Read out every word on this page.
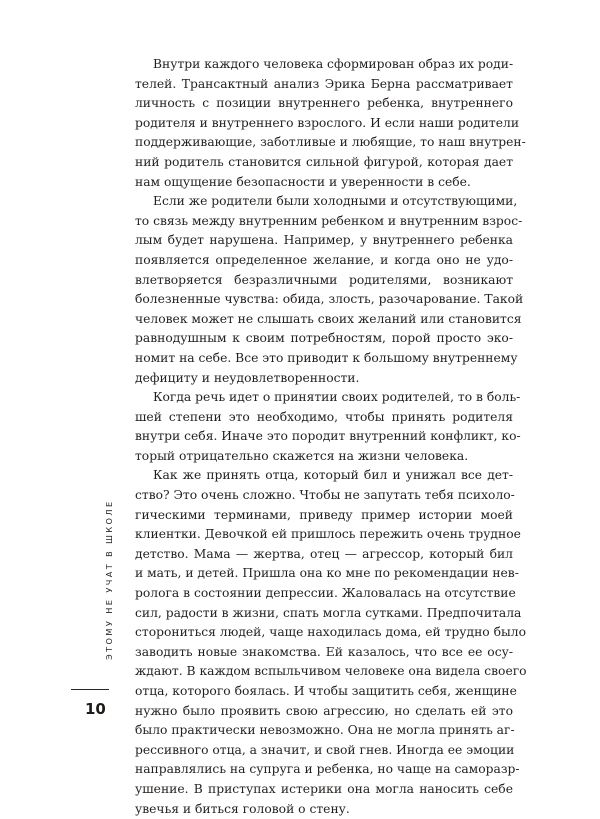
Внутри каждого человека сформирован образ их роди-
телей. Трансактный анализ Эрика Берна рассматривает
личность с позиции внутреннего ребенка, внутреннего
родителя и внутреннего взрослого. И если наши родители
поддерживающие, заботливые и любящие, то наш внутрен-
ний родитель становится сильной фигурой, которая дает
нам ощущение безопасности и уверенности в себе.

Если же родители были холодными и отсутствующими,
то связь между внутренним ребенком и внутренним взрос-
лым будет нарушена. Например, у внутреннего ребенка
появляется определенное желание, и когда оно не удо-
влетворяется безразличными родителями, возникают
болезненные чувства: обида, злость, разочарование. Такой
человек может не слышать своих желаний или становится
равнодушным к своим потребностям, порой просто эко-
номит на себе. Все это приводит к большому внутреннему
дефициту и неудовлетворенности.

Когда речь идет о принятии своих родителей, то в боль-
шей степени это необходимо, чтобы принять родителя
внутри себя. Иначе это породит внутренний конфликт, ко-
торый отрицательно скажется на жизни человека.

Как же принять отца, который бил и унижал все дет-
ство? Это очень сложно. Чтобы не запутать тебя психоло-
гическими терминами, приведу пример истории моей
клиентки. Девочкой ей пришлось пережить очень трудное
детство. Мама — жертва, отец — агрессор, который бил
и мать, и детей. Пришла она ко мне по рекомендации нев-
ролога в состоянии депрессии. Жаловалась на отсутствие
сил, радости в жизни, спать могла сутками. Предпочитала
сторониться людей, чаще находилась дома, ей трудно было
заводить новые знакомства. Ей казалось, что все ее осу-
ждают. В каждом вспыльчивом человеке она видела своего
отца, которого боялась. И чтобы защитить себя, женщине
нужно было проявить свою агрессию, но сделать ей это
было практически невозможно. Она не могла принять аг-
рессивного отца, а значит, и свой гнев. Иногда ее эмоции
направлялись на супруга и ребенка, но чаще на саморазр-
ушение. В приступах истерики она могла наносить себе
увечья и биться головой о стену.

ЭТОМУ НЕ УЧАТ В ШКОЛЕ
10
